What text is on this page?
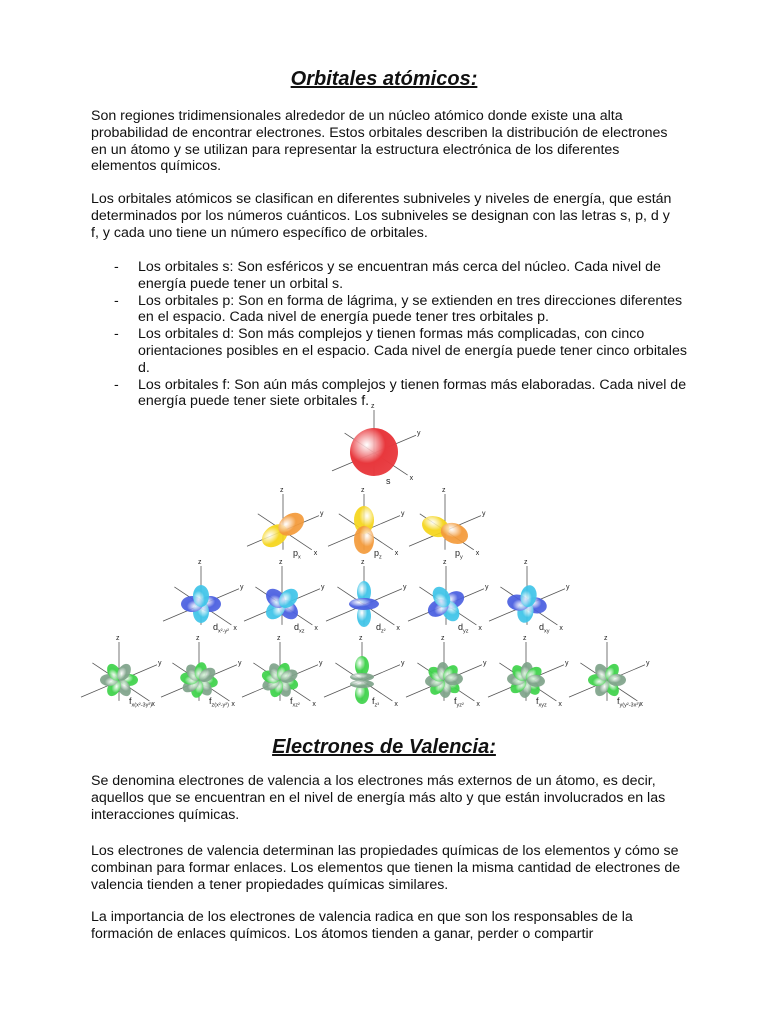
Orbitales atómicos:

Son regiones tridimensionales alrededor de un núcleo atómico donde existe una alta probabilidad de encontrar electrones. Estos orbitales describen la distribución de electrones en un átomo y se utilizan para representar la estructura electrónica de los diferentes elementos químicos.

Los orbitales atómicos se clasifican en diferentes subniveles y niveles de energía, que están determinados por los números cuánticos. Los subniveles se designan con las letras s, p, d y f, y cada uno tiene un número específico de orbitales.

- Los orbitales s: Son esféricos y se encuentran más cerca del núcleo. Cada nivel de energía puede tener un orbital s.
- Los orbitales p: Son en forma de lágrima, y se extienden en tres direcciones diferentes en el espacio. Cada nivel de energía puede tener tres orbitales p.
- Los orbitales d: Son más complejos y tienen formas más complicadas, con cinco orientaciones posibles en el espacio. Cada nivel de energía puede tener cinco orbitales d.
- Los orbitales f: Son aún más complejos y tienen formas más elaboradas. Cada nivel de energía puede tener siete orbitales f. z
y
x
s
z
y
x
$p_x$
z
y
x
$p_z$
z
y
x
$p_y$
z
y
x
$d_{x^2-y^2}$
z
y
x
$d_{xz}$
z
y
x
$d_{z^2}$
z
y
x
$d_{yz}$
z
y
x
$d_{xy}$
z
y
x
$f_{x(x^2-3y^2)}$
z
y
x
$f_{z(x^2-y^2)}$
z
y
x
$f_{xz^2}$
z
y
x
$f_{z^3}$
z
y
x
$f_{yz^2}$
z
y
x
$f_{xyz}$
z
y
x
$f_{y(y^2-3x^2)}$
Electrones de Valencia:

Se denomina electrones de valencia a los electrones más externos de un átomo, es decir, aquellos que se encuentran en el nivel de energía más alto y que están involucrados en las interacciones químicas.

Los electrones de valencia determinan las propiedades químicas de los elementos y cómo se combinan para formar enlaces. Los elementos que tienen la misma cantidad de electrones de valencia tienden a tener propiedades químicas similares.

La importancia de los electrones de valencia radica en que son los responsables de la formación de enlaces químicos. Los átomos tienden a ganar, perder o compartir
